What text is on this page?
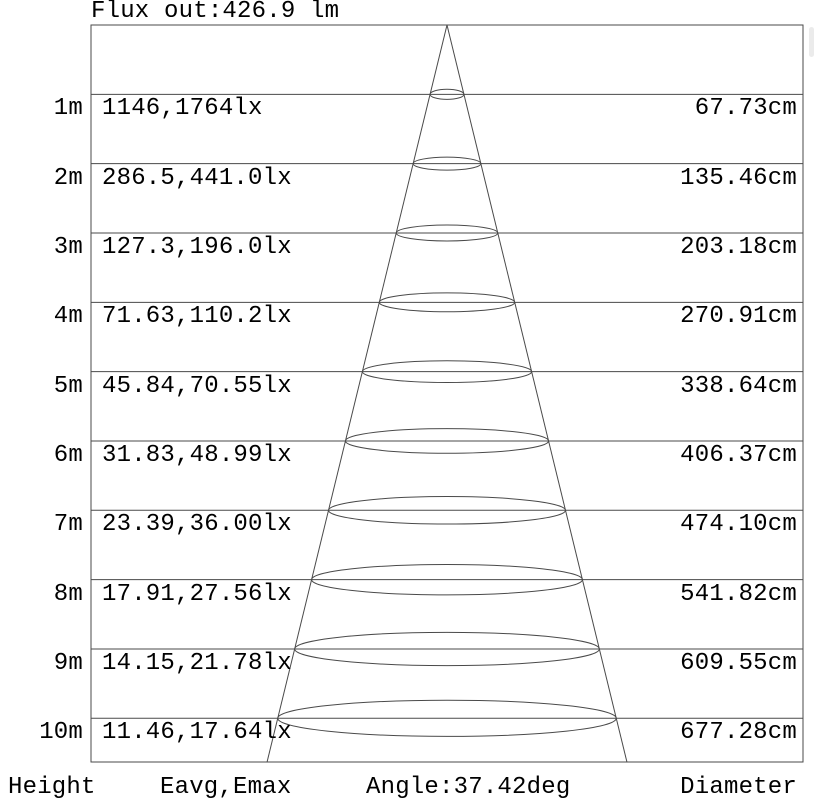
Flux out:426.9 lm
1m 1146,1764lx	67.73cm
2m 286.5,441.0lx	135.46cm
3m 127.3,196.0lx	203.18cm
4m 71.63,110.2lx	270.91cm
5m 45.84,70.55lx	338.64cm
6m 31.83,48.99lx	406.37cm
7m 23.39,36.00lx	474.10cm
8m 17.91,27.56lx	541.82cm
9m 14.15,21.78lx	609.55cm
10m 11.46,17.64lx	677.28cm
Height	Eavg,Emax	Angle:37.42deg	Diameter
